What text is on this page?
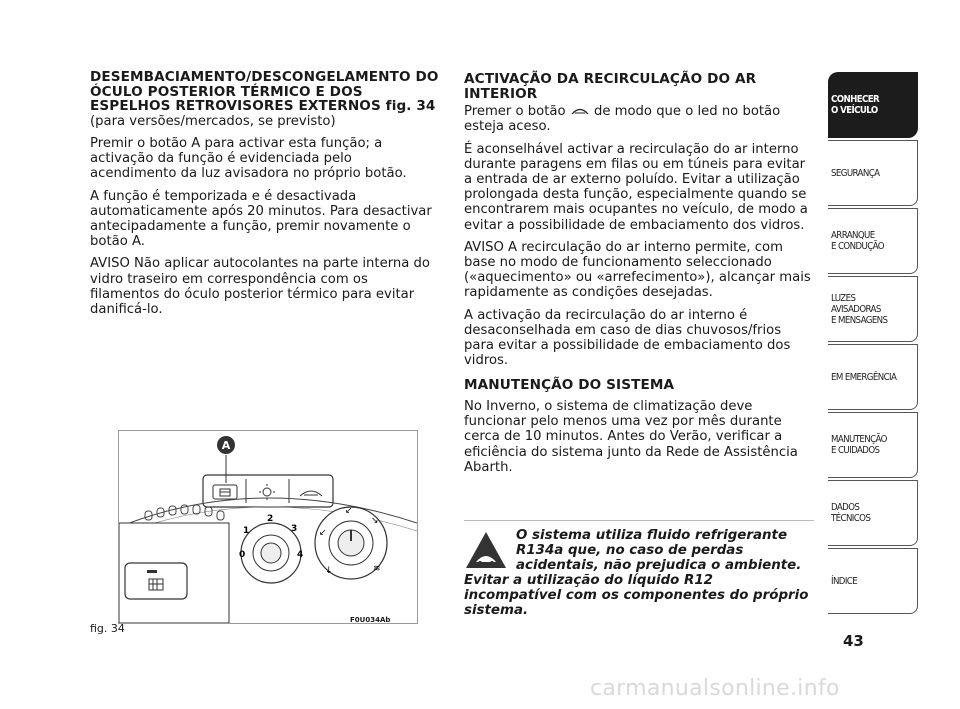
DESEMBACIAMENTO/DESCONGELAMENTO DO ÓCULO POSTERIOR TÉRMICO E DOS ESPELHOS RETROVISORES EXTERNOS fig. 34

(para versões/mercados, se previsto)

Premir o botão A para activar esta função; a activação da função é evidenciada pelo acendimento da luz avisadora no próprio botão.

A função é temporizada e é desactivada automaticamente após 20 minutos. Para desactivar antecipadamente a função, premir novamente o botão A.

AVISO Não aplicar autocolantes na parte interna do vidro traseiro em correspondência com os filamentos do óculo posterior térmico para evitar danificá-lo.

A
0
1
2
3
4
↙
↙
↘
↓	≋
fig. 34
F0U034Ab
ACTIVAÇÃO DA RECIRCULAÇÃO DO AR INTERIOR

Premer o botão de modo que o led no botão esteja aceso.

É aconselhável activar a recirculação do ar interno durante paragens em filas ou em túneis para evitar a entrada de ar externo poluído. Evitar a utilização prolongada desta função, especialmente quando se encontrarem mais ocupantes no veículo, de modo a evitar a possibilidade de embaciamento dos vidros.

AVISO A recirculação do ar interno permite, com base no modo de funcionamento seleccionado («aquecimento» ou «arrefecimento»), alcançar mais rapidamente as condições desejadas.

A activação da recirculação do ar interno é desaconselhada em caso de dias chuvosos/frios para evitar a possibilidade de embaciamento dos vidros.

MANUTENÇÃO DO SISTEMA

No Inverno, o sistema de climatização deve funcionar pelo menos uma vez por mês durante cerca de 10 minutos. Antes do Verão, verificar a eficiência do sistema junto da Rede de Assistência Abarth.

O sistema utiliza fluido refrigerante R134a que, no caso de perdas acidentais, não prejudica o ambiente. Evitar a utilização do líquido R12 incompatível com os componentes do próprio sistema.
CONHECER
O VEÍCULO
SEGURANÇA
ARRANQUE
E CONDUÇÃO
LUZES
AVISADORAS
E MENSAGENS
EM EMERGÊNCIA
MANUTENÇÃO
E CUIDADOS
DADOS
TÉCNICOS
ÍNDICE
43
carmanualsonline.info
